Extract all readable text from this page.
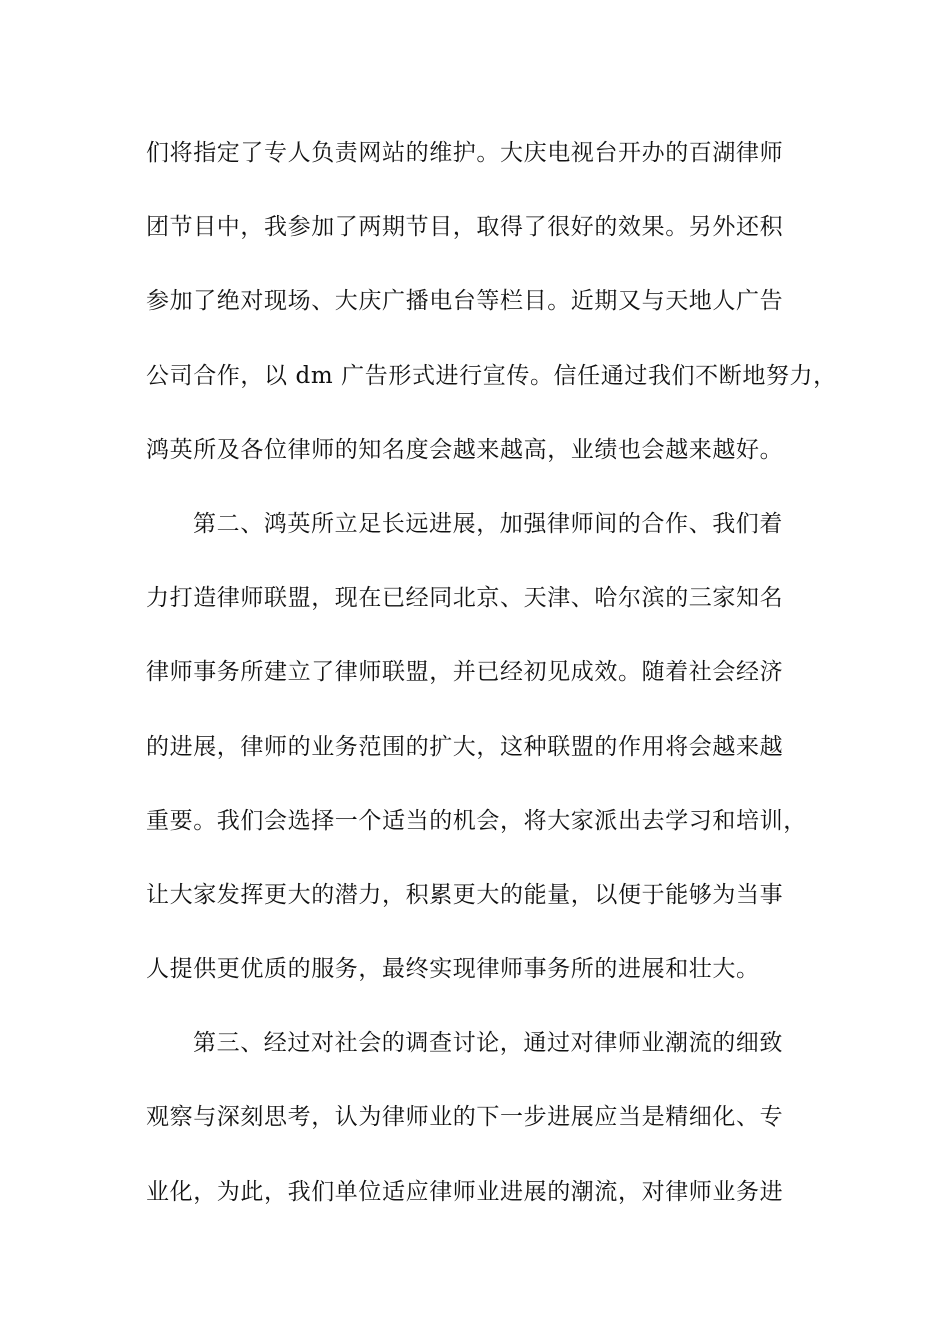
们将指定了专人负责网站的维护。大庆电视台开办的百湖律师
团节目中，我参加了两期节目，取得了很好的效果。另外还积
参加了绝对现场、大庆广播电台等栏目。近期又与天地人广告
公司合作，以 dm 广告形式进行宣传。信任通过我们不断地努力，
鸿英所及各位律师的知名度会越来越高，业绩也会越来越好。
第二、鸿英所立足长远进展，加强律师间的合作、我们着
力打造律师联盟，现在已经同北京、天津、哈尔滨的三家知名
律师事务所建立了律师联盟，并已经初见成效。随着社会经济
的进展，律师的业务范围的扩大，这种联盟的作用将会越来越
重要。我们会选择一个适当的机会，将大家派出去学习和培训，
让大家发挥更大的潜力，积累更大的能量，以便于能够为当事
人提供更优质的服务，最终实现律师事务所的进展和壮大。
第三、经过对社会的调查讨论，通过对律师业潮流的细致
观察与深刻思考，认为律师业的下一步进展应当是精细化、专
业化，为此，我们单位适应律师业进展的潮流，对律师业务进
